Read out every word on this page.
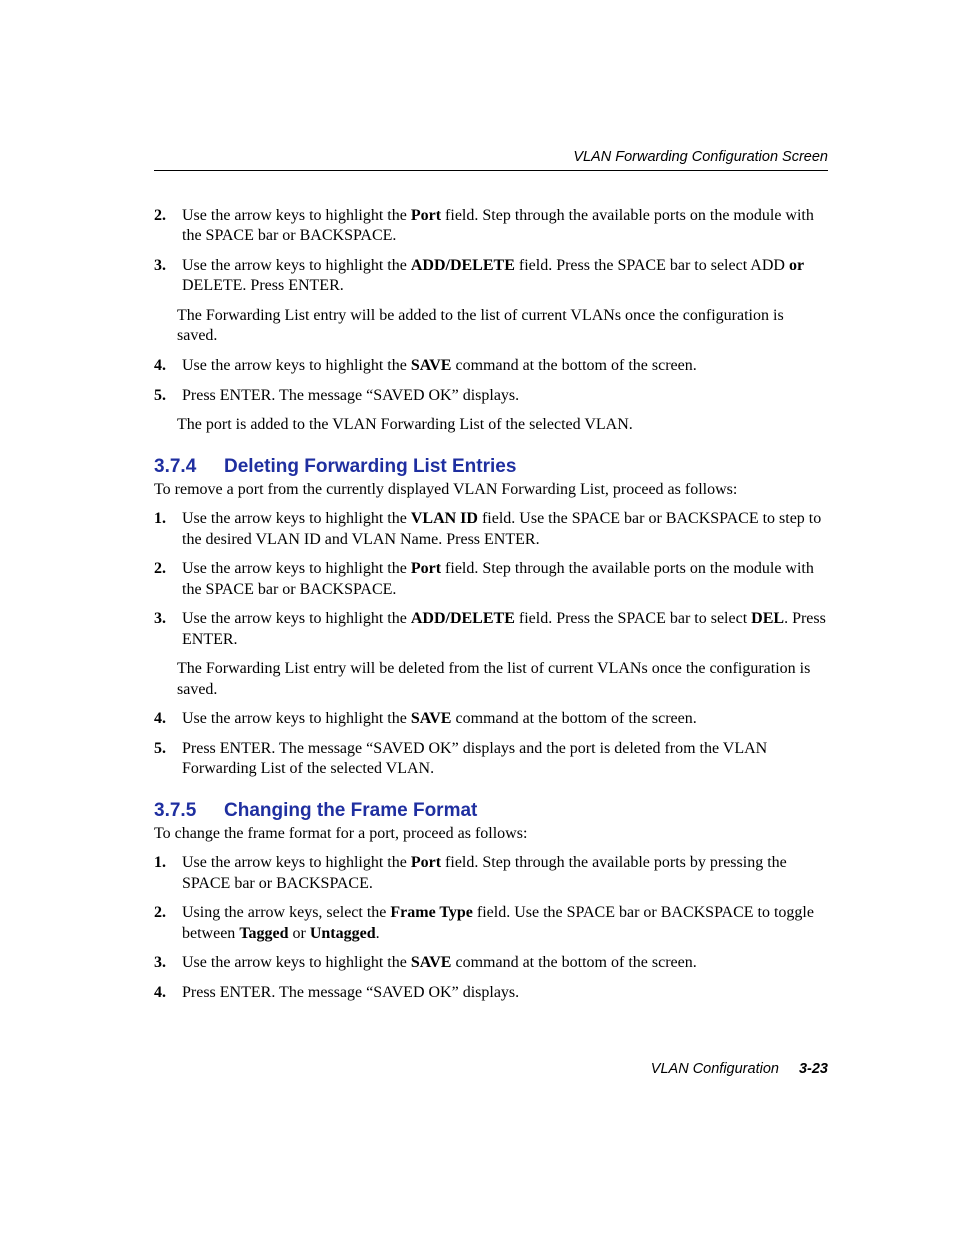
VLAN Forwarding Configuration Screen
2. Use the arrow keys to highlight the Port field. Step through the available ports on the module with the SPACE bar or BACKSPACE.
3. Use the arrow keys to highlight the ADD/DELETE field. Press the SPACE bar to select ADD or DELETE. Press ENTER.
The Forwarding List entry will be added to the list of current VLANs once the configuration is saved.
4. Use the arrow keys to highlight the SAVE command at the bottom of the screen.
5. Press ENTER. The message “SAVED OK” displays.
The port is added to the VLAN Forwarding List of the selected VLAN.
3.7.4 Deleting Forwarding List Entries
To remove a port from the currently displayed VLAN Forwarding List, proceed as follows:
1. Use the arrow keys to highlight the VLAN ID field. Use the SPACE bar or BACKSPACE to step to the desired VLAN ID and VLAN Name. Press ENTER.
2. Use the arrow keys to highlight the Port field. Step through the available ports on the module with the SPACE bar or BACKSPACE.
3. Use the arrow keys to highlight the ADD/DELETE field. Press the SPACE bar to select DEL. Press ENTER.
The Forwarding List entry will be deleted from the list of current VLANs once the configuration is saved.
4. Use the arrow keys to highlight the SAVE command at the bottom of the screen.
5. Press ENTER. The message “SAVED OK” displays and the port is deleted from the VLAN Forwarding List of the selected VLAN.
3.7.5 Changing the Frame Format
To change the frame format for a port, proceed as follows:
1. Use the arrow keys to highlight the Port field. Step through the available ports by pressing the SPACE bar or BACKSPACE.
2. Using the arrow keys, select the Frame Type field. Use the SPACE bar or BACKSPACE to toggle between Tagged or Untagged.
3. Use the arrow keys to highlight the SAVE command at the bottom of the screen.
4. Press ENTER. The message “SAVED OK” displays.
VLAN Configuration 3-23
